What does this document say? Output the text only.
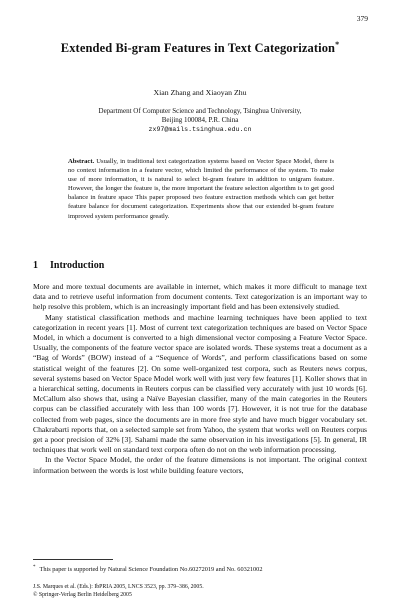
379
Extended Bi-gram Features in Text Categorization*
Xian Zhang and Xiaoyan Zhu
Department Of Computer Science and Technology, Tsinghua University,
Beijing 100084, P.R. China
zx97@mails.tsinghua.edu.cn
Abstract. Usually, in traditional text categorization systems based on Vector Space Model, there is no context information in a feature vector, which limited the performance of the system. To make use of more information, it is natural to select bi-gram feature in addition to unigram feature. However, the longer the feature is, the more important the feature selection algorithm is to get good balance in feature space This paper proposed two feature extraction methods which can get better feature balance for document categorization. Experiments show that our extended bi-gram feature improved system performance greatly.
1 Introduction

More and more textual documents are available in internet, which makes it more difficult to manage text data and to retrieve useful information from document contents. Text categorization is an important way to help resolve this problem, which is an increasingly important field and has been extensively studied.

Many statistical classification methods and machine learning techniques have been applied to text categorization in recent years [1]. Most of current text categorization techniques are based on Vector Space Model, in which a document is converted to a high dimensional vector composing a Feature Vector Space. Usually, the components of the feature vector space are isolated words. These systems treat a document as a “Bag of Words” (BOW) instead of a “Sequence of Words”, and perform classifications based on some statistical weight of the features [2]. On some well-organized test corpora, such as Reuters news corpus, several systems based on Vector Space Model work well with just very few features [1]. Koller shows that in a hierarchical setting, documents in Reuters corpus can be classified very accurately with just 10 words [6]. McCallum also shows that, using a Naïve Bayesian classifier, many of the main categories in the Reuters corpus can be classified accurately with less than 100 words [7]. However, it is not true for the database collected from web pages, since the documents are in more free style and have much bigger vocabulary set. Chakrabarti reports that, on a selected sample set from Yahoo, the system that works well on Reuters corpus get a poor precision of 32% [3]. Sahami made the same observation in his investigations [5]. In general, IR techniques that work well on standard text corpora often do not on the web information processing.

In the Vector Space Model, the order of the feature dimensions is not important. The original context information between the words is lost while building feature vectors,

* This paper is supported by Natural Science Foundation No.60272019 and No. 60321002
J.S. Marques et al. (Eds.): IbPRIA 2005, LNCS 3523, pp. 379–386, 2005.
© Springer-Verlag Berlin Heidelberg 2005
